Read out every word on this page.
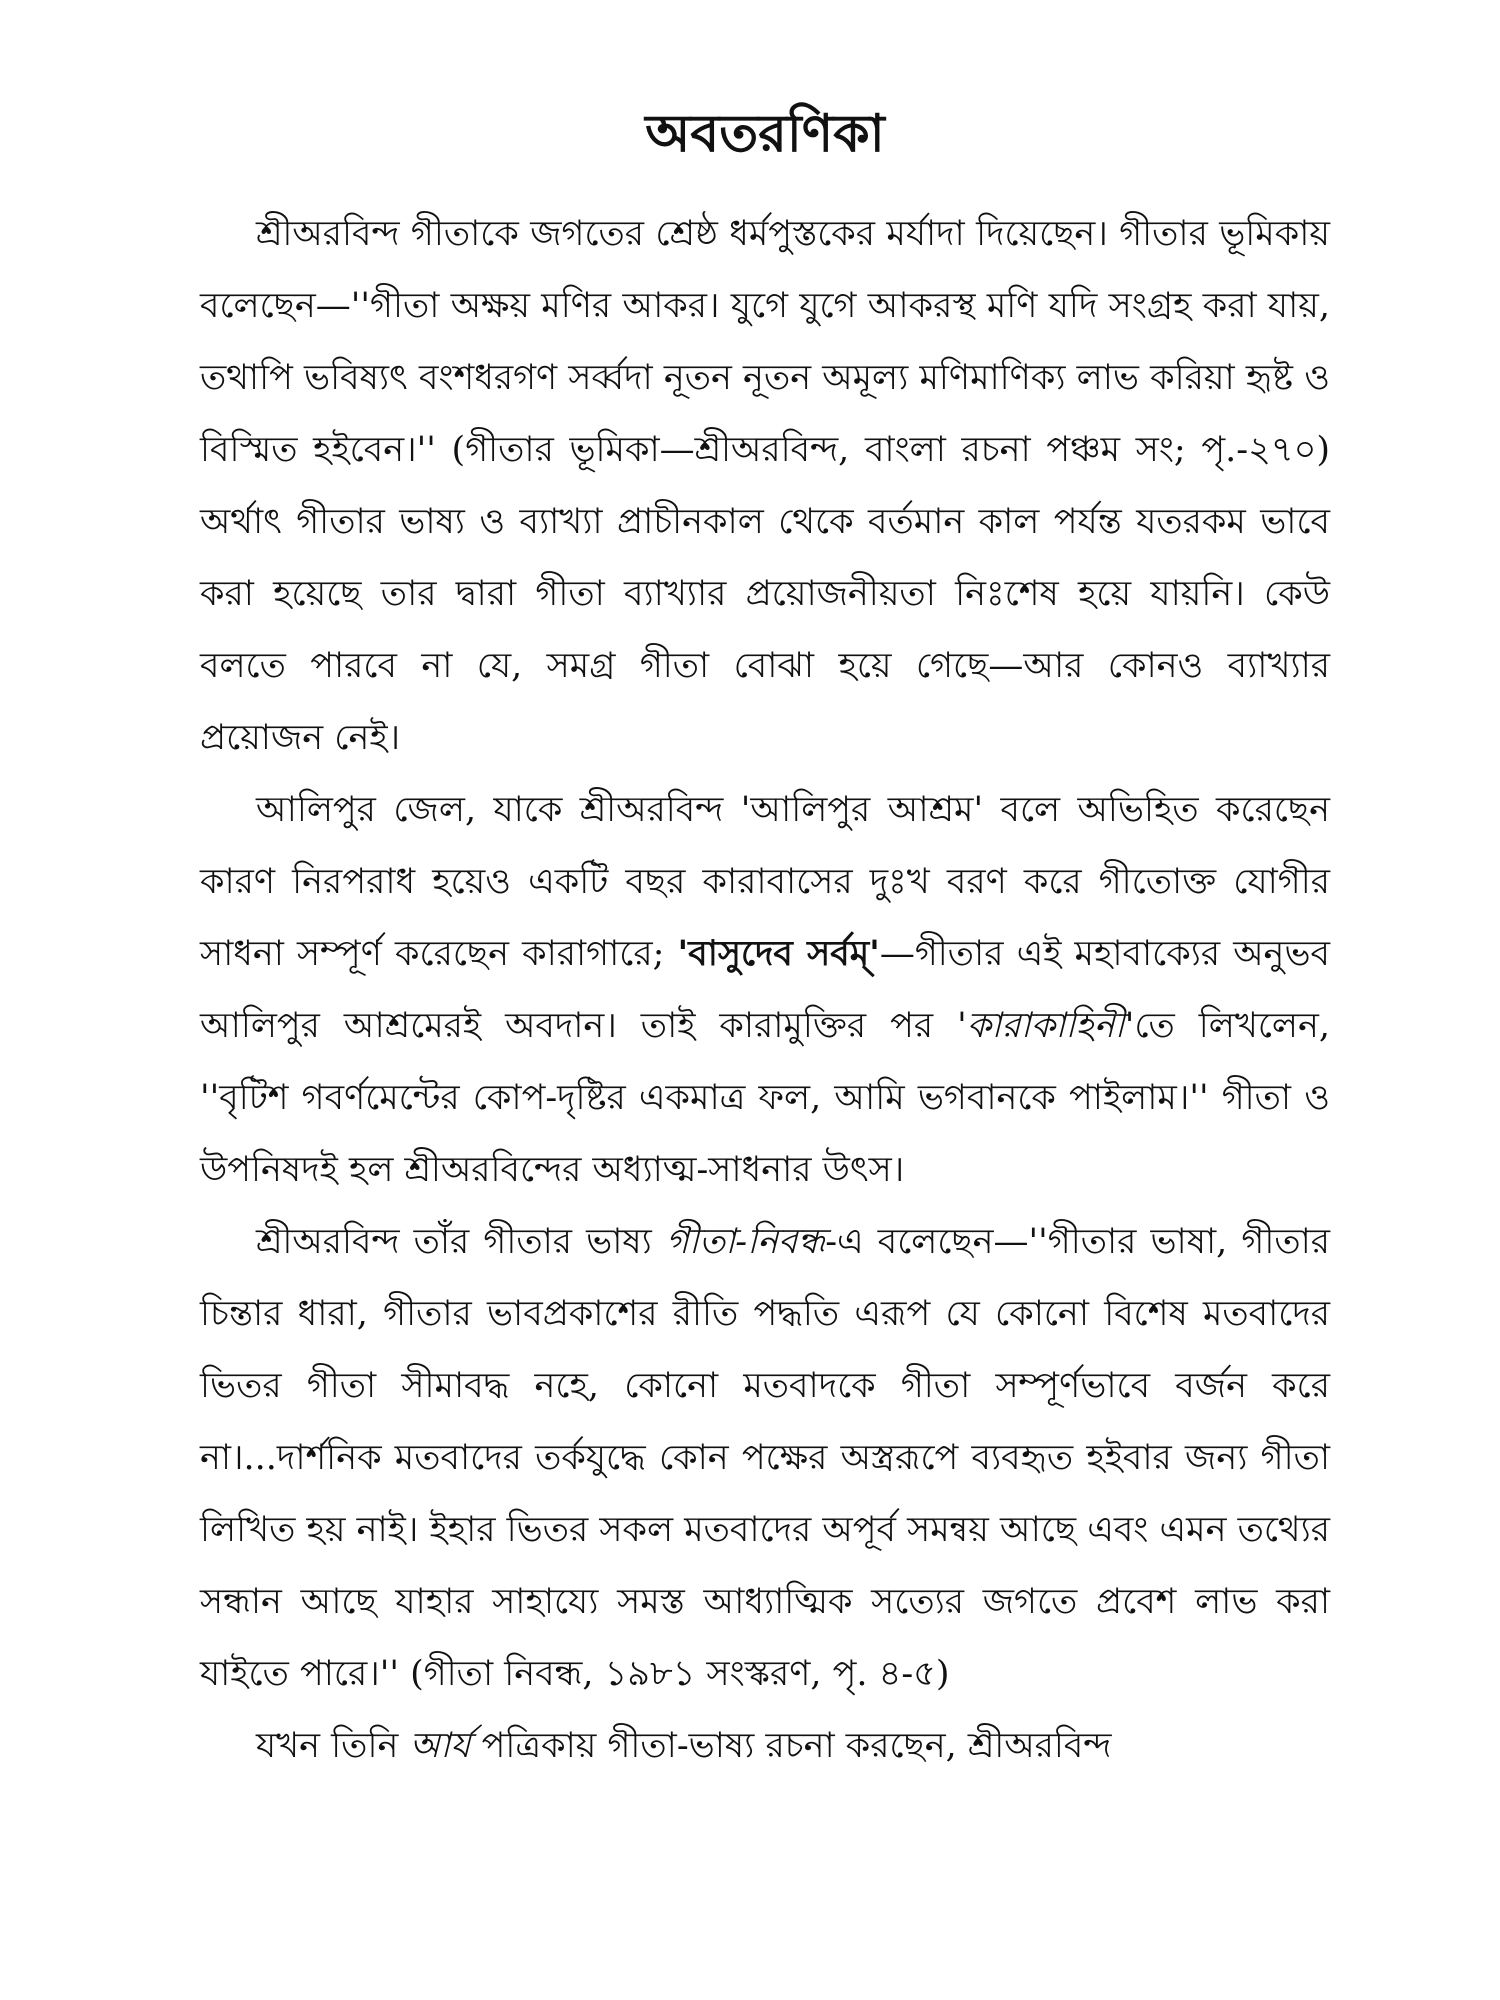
অবতরণিকা

শ্রীঅরবিন্দ গীতাকে জগতের শ্রেষ্ঠ ধর্মপুস্তকের মর্যাদা দিয়েছেন। গীতার ভূমিকায় বলেছেন—''গীতা অক্ষয় মণির আকর। যুগে যুগে আকরস্থ মণি যদি সংগ্রহ করা যায়, তথাপি ভবিষ্যৎ বংশধরগণ সর্ব্বদা নূতন নূতন অমূল্য মণিমাণিক্য লাভ করিয়া হৃষ্ট ও বিস্মিত হইবেন।'' (গীতার ভূমিকা—শ্রীঅরবিন্দ, বাংলা রচনা পঞ্চম সং; পৃ.-২৭০) অর্থাৎ গীতার ভাষ্য ও ব্যাখ্যা প্রাচীনকাল থেকে বর্তমান কাল পর্যন্ত যতরকম ভাবে করা হয়েছে তার দ্বারা গীতা ব্যাখ্যার প্রয়োজনীয়তা নিঃশেষ হয়ে যায়নি। কেউ বলতে পারবে না যে, সমগ্র গীতা বোঝা হয়ে গেছে—আর কোনও ব্যাখ্যার প্রয়োজন নেই।

আলিপুর জেল, যাকে শ্রীঅরবিন্দ 'আলিপুর আশ্রম' বলে অভিহিত করেছেন কারণ নিরপরাধ হয়েও একটি বছর কারাবাসের দুঃখ বরণ করে গীতোক্ত যোগীর সাধনা সম্পূর্ণ করেছেন কারাগারে; 'বাসুদেব সর্বম্'—গীতার এই মহাবাক্যের অনুভব আলিপুর আশ্রমেরই অবদান। তাই কারামুক্তির পর 'কারাকাহিনী'তে লিখলেন, ''বৃটিশ গবর্ণমেন্টের কোপ-দৃষ্টির একমাত্র ফল, আমি ভগবানকে পাইলাম।'' গীতা ও উপনিষদই হল শ্রীঅরবিন্দের অধ্যাত্ম-সাধনার উৎস।

শ্রীঅরবিন্দ তাঁর গীতার ভাষ্য গীতা-নিবন্ধ-এ বলেছেন—''গীতার ভাষা, গীতার চিন্তার ধারা, গীতার ভাবপ্রকাশের রীতি পদ্ধতি এরূপ যে কোনো বিশেষ মতবাদের ভিতর গীতা সীমাবদ্ধ নহে, কোনো মতবাদকে গীতা সম্পূর্ণভাবে বর্জন করে না।...দার্শনিক মতবাদের তর্কযুদ্ধে কোন পক্ষের অস্ত্ররূপে ব্যবহৃত হইবার জন্য গীতা লিখিত হয় নাই। ইহার ভিতর সকল মতবাদের অপূর্ব সমন্বয় আছে এবং এমন তথ্যের সন্ধান আছে যাহার সাহায্যে সমস্ত আধ্যাত্মিক সত্যের জগতে প্রবেশ লাভ করা যাইতে পারে।'' (গীতা নিবন্ধ, ১৯৮১ সংস্করণ, পৃ. ৪-৫)

যখন তিনি আর্য পত্রিকায় গীতা-ভাষ্য রচনা করছেন, শ্রীঅরবিন্দ
